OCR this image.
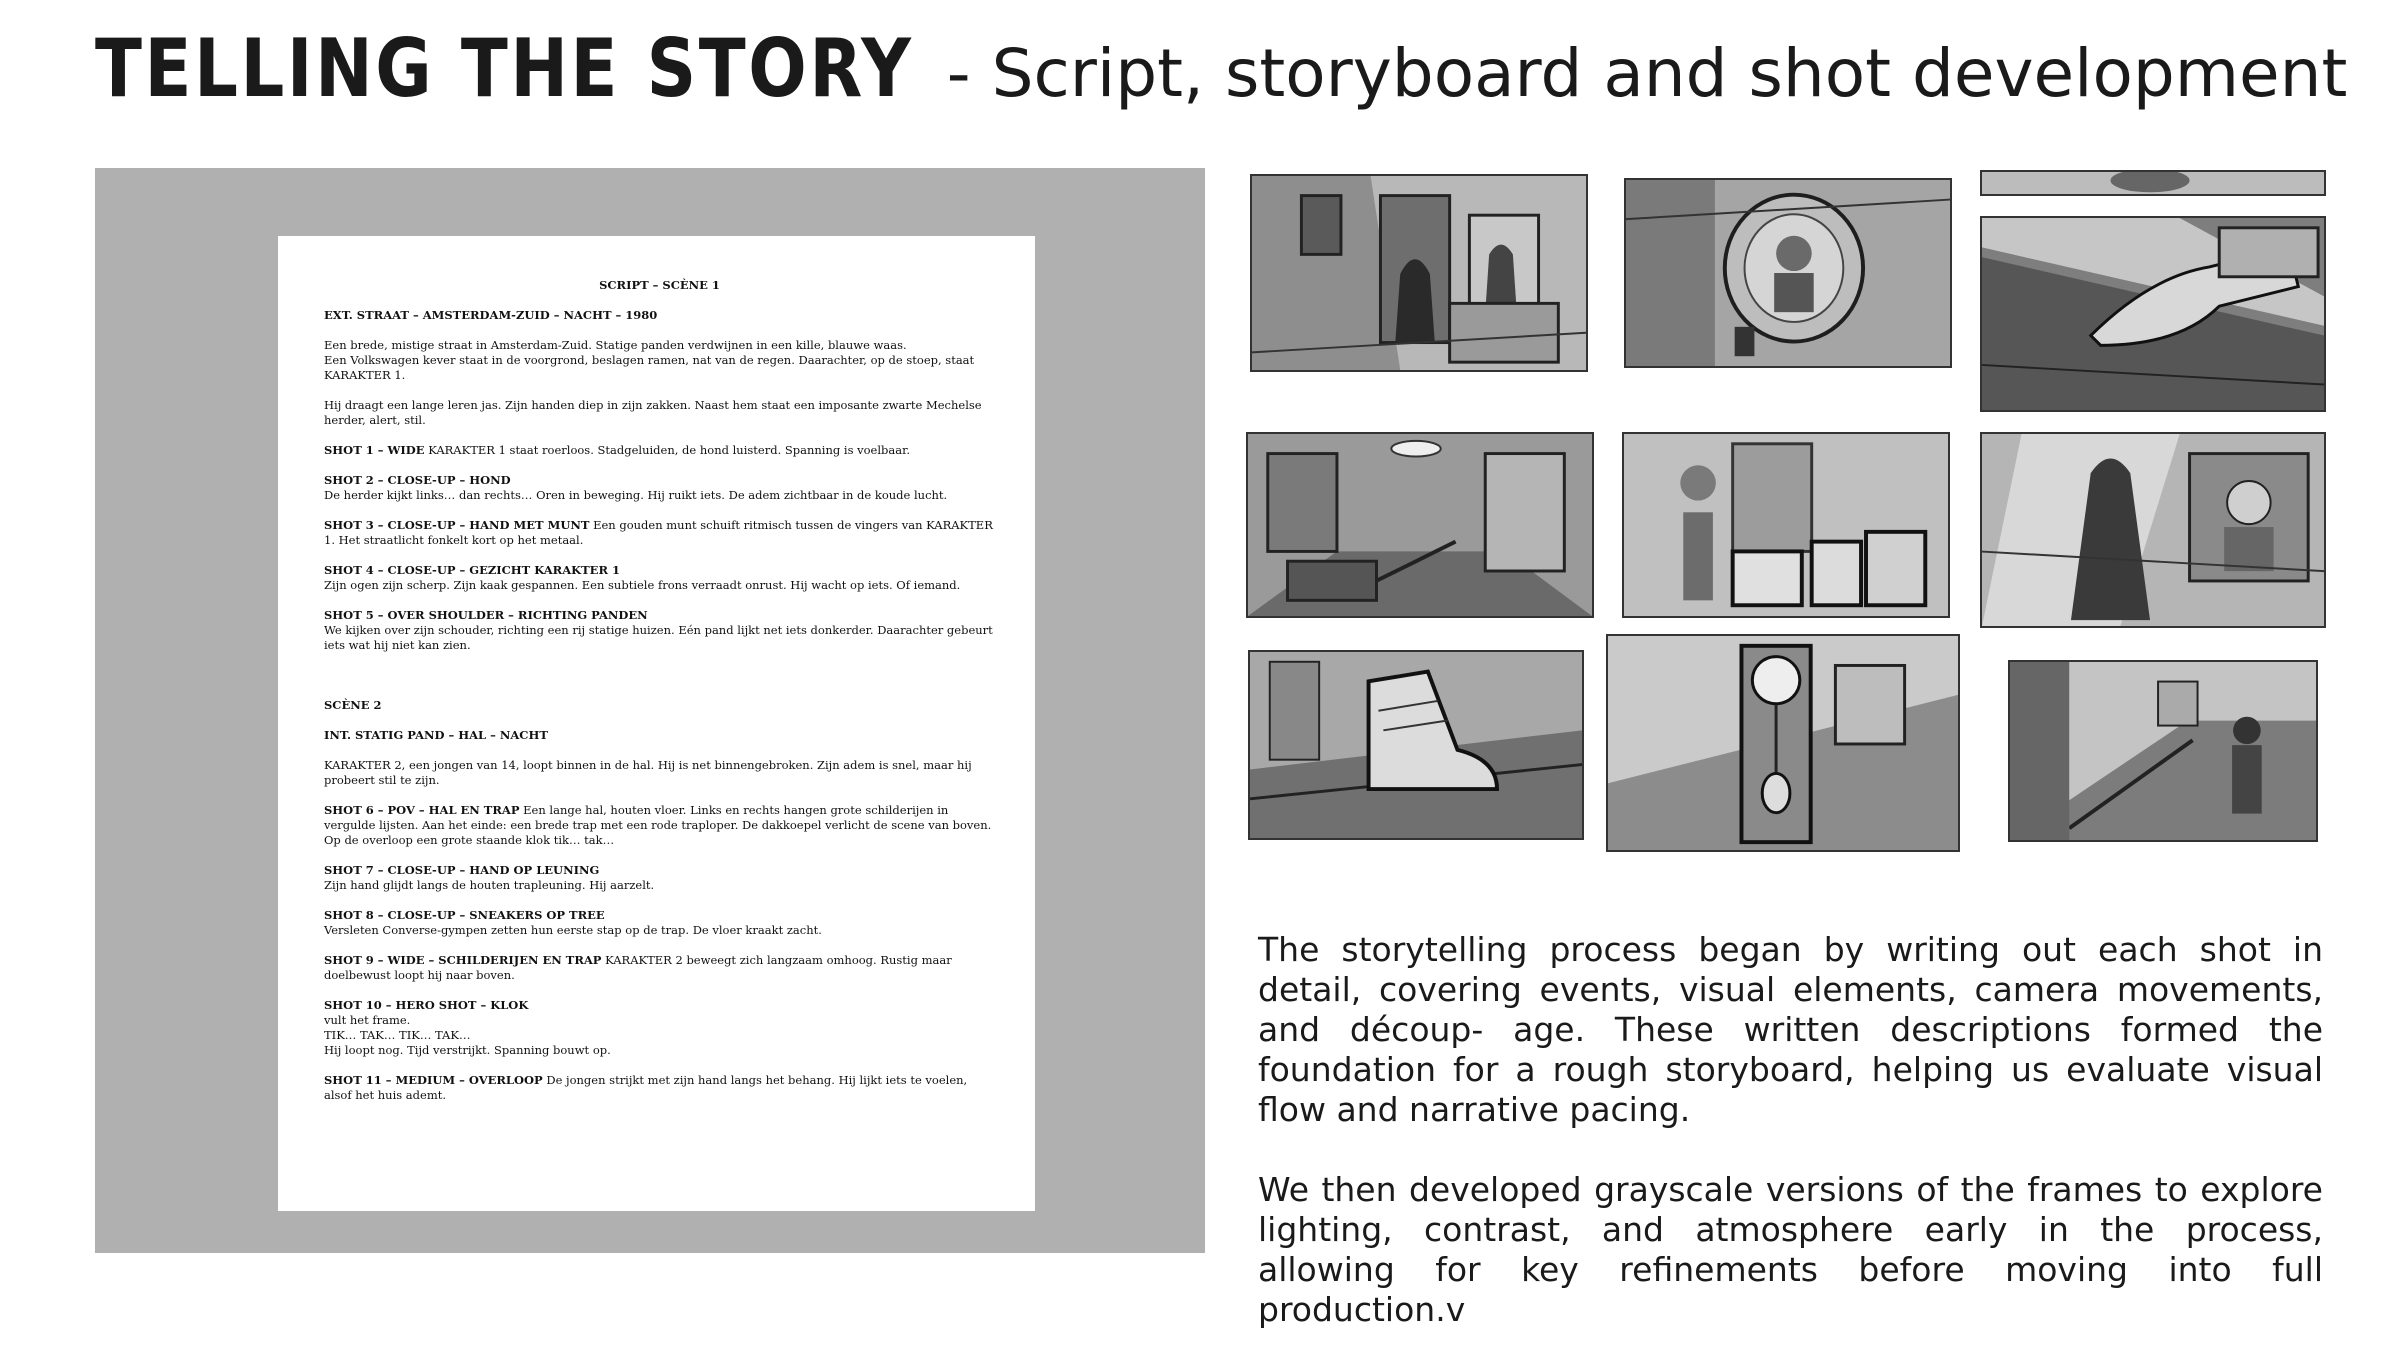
TELLING THE STORY - Script, storyboard and shot development

SCRIPT – SCÈNE 1

EXT. STRAAT – AMSTERDAM-ZUID – NACHT – 1980

Een brede, mistige straat in Amsterdam-Zuid. Statige panden verdwijnen in een kille, blauwe waas.
Een Volkswagen kever staat in de voorgrond, beslagen ramen, nat van de regen. Daarachter, op de stoep, staat KARAKTER 1.

Hij draagt een lange leren jas. Zijn handen diep in zijn zakken. Naast hem staat een imposante zwarte Mechelse herder, alert, stil.

SHOT 1 – WIDE KARAKTER 1 staat roerloos. Stadgeluiden, de hond luisterd. Spanning is voelbaar.

SHOT 2 – CLOSE-UP – HOND
De herder kijkt links… dan rechts… Oren in beweging. Hij ruikt iets. De adem zichtbaar in de koude lucht.

SHOT 3 – CLOSE-UP – HAND MET MUNT Een gouden munt schuift ritmisch tussen de vingers van KARAKTER 1. Het straatlicht fonkelt kort op het metaal.

SHOT 4 – CLOSE-UP – GEZICHT KARAKTER 1
Zijn ogen zijn scherp. Zijn kaak gespannen. Een subtiele frons verraadt onrust. Hij wacht op iets. Of iemand.

SHOT 5 – OVER SHOULDER – RICHTING PANDEN
We kijken over zijn schouder, richting een rij statige huizen. Eén pand lijkt net iets donkerder. Daarachter gebeurt iets wat hij niet kan zien.

SCÈNE 2

INT. STATIG PAND – HAL – NACHT

KARAKTER 2, een jongen van 14, loopt binnen in de hal. Hij is net binnengebroken. Zijn adem is snel, maar hij probeert stil te zijn.

SHOT 6 – POV – HAL EN TRAP Een lange hal, houten vloer. Links en rechts hangen grote schilderijen in vergulde lijsten. Aan het einde: een brede trap met een rode traploper. De dakkoepel verlicht de scene van boven. Op de overloop een grote staande klok tik… tak…

SHOT 7 – CLOSE-UP – HAND OP LEUNING
Zijn hand glijdt langs de houten trapleuning. Hij aarzelt.

SHOT 8 – CLOSE-UP – SNEAKERS OP TREE
Versleten Converse-gympen zetten hun eerste stap op de trap. De vloer kraakt zacht.

SHOT 9 – WIDE – SCHILDERIJEN EN TRAP KARAKTER 2 beweegt zich langzaam omhoog. Rustig maar doelbewust loopt hij naar boven.

SHOT 10 – HERO SHOT – KLOK
vult het frame.
TIK… TAK… TIK… TAK…
Hij loopt nog. Tijd verstrijkt. Spanning bouwt op.

SHOT 11 – MEDIUM – OVERLOOP De jongen strijkt met zijn hand langs het behang. Hij lijkt iets te voelen, alsof het huis ademt.

The storytelling process began by writing out each shot in detail, covering events, visual elements, camera movements, and découp- age. These written descriptions formed the foundation for a rough storyboard, helping us evaluate visual flow and narrative pacing.

We then developed grayscale versions of the frames to explore lighting, contrast, and atmosphere early in the process, allowing for key refinements before moving into full production.v
